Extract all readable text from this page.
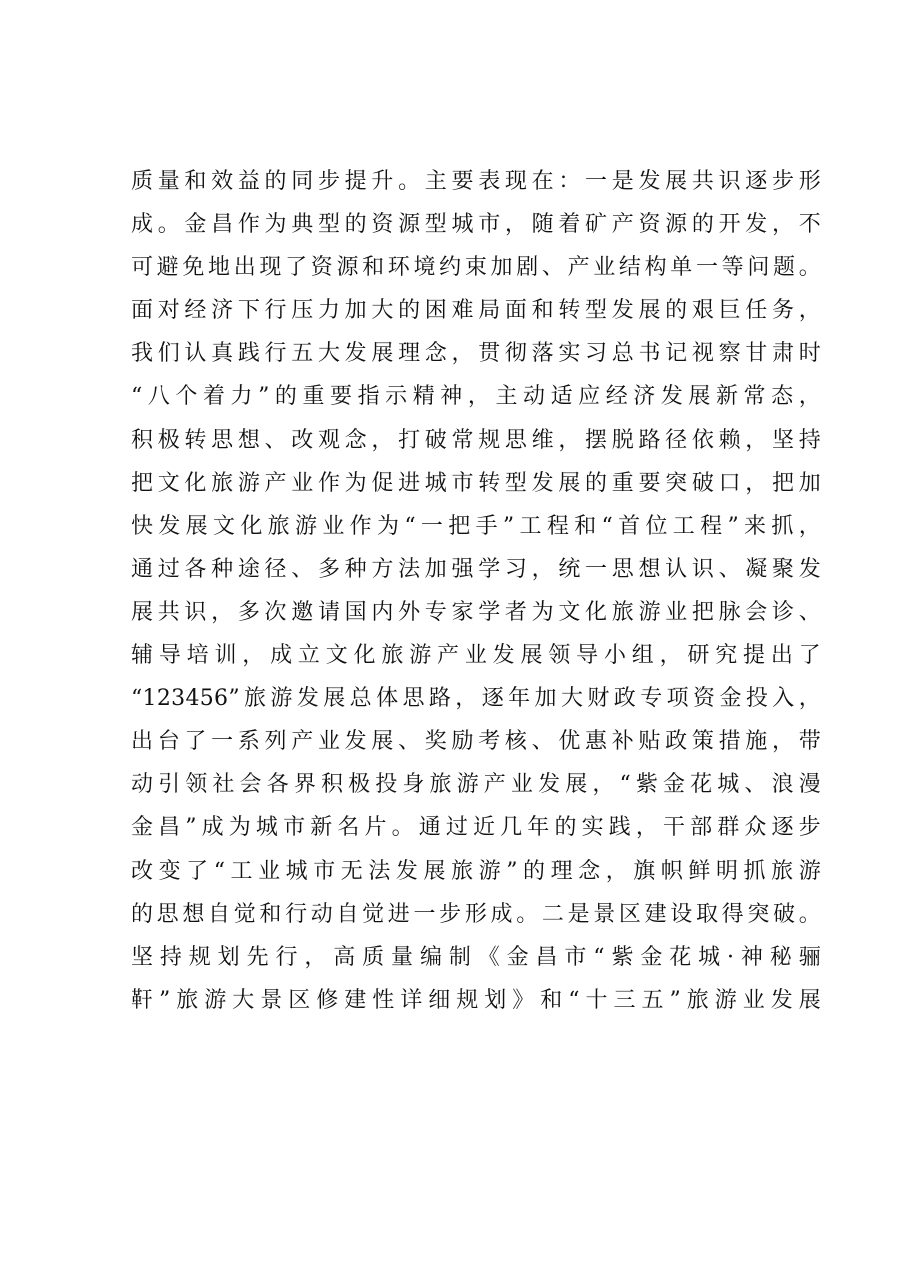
质量和效益的同步提升。主要表现在：一是发展共识逐步形
成。金昌作为典型的资源型城市，随着矿产资源的开发，不
可避免地出现了资源和环境约束加剧、产业结构单一等问题。
面对经济下行压力加大的困难局面和转型发展的艰巨任务，
我们认真践行五大发展理念，贯彻落实习总书记视察甘肃时
“八个着力”的重要指示精神，主动适应经济发展新常态，
积极转思想、改观念，打破常规思维，摆脱路径依赖，坚持
把文化旅游产业作为促进城市转型发展的重要突破口，把加
快发展文化旅游业作为“一把手”工程和“首位工程”来抓，
通过各种途径、多种方法加强学习，统一思想认识、凝聚发
展共识，多次邀请国内外专家学者为文化旅游业把脉会诊、
辅导培训，成立文化旅游产业发展领导小组，研究提出了
“123456”旅游发展总体思路，逐年加大财政专项资金投入，
出台了一系列产业发展、奖励考核、优惠补贴政策措施，带
动引领社会各界积极投身旅游产业发展，“紫金花城、浪漫
金昌”成为城市新名片。通过近几年的实践，干部群众逐步
改变了“工业城市无法发展旅游”的理念，旗帜鲜明抓旅游
的思想自觉和行动自觉进一步形成。二是景区建设取得突破。
坚持规划先行，高质量编制《金昌市“紫金花城·神秘骊
靬”旅游大景区修建性详细规划》和“十三五”旅游业发展
